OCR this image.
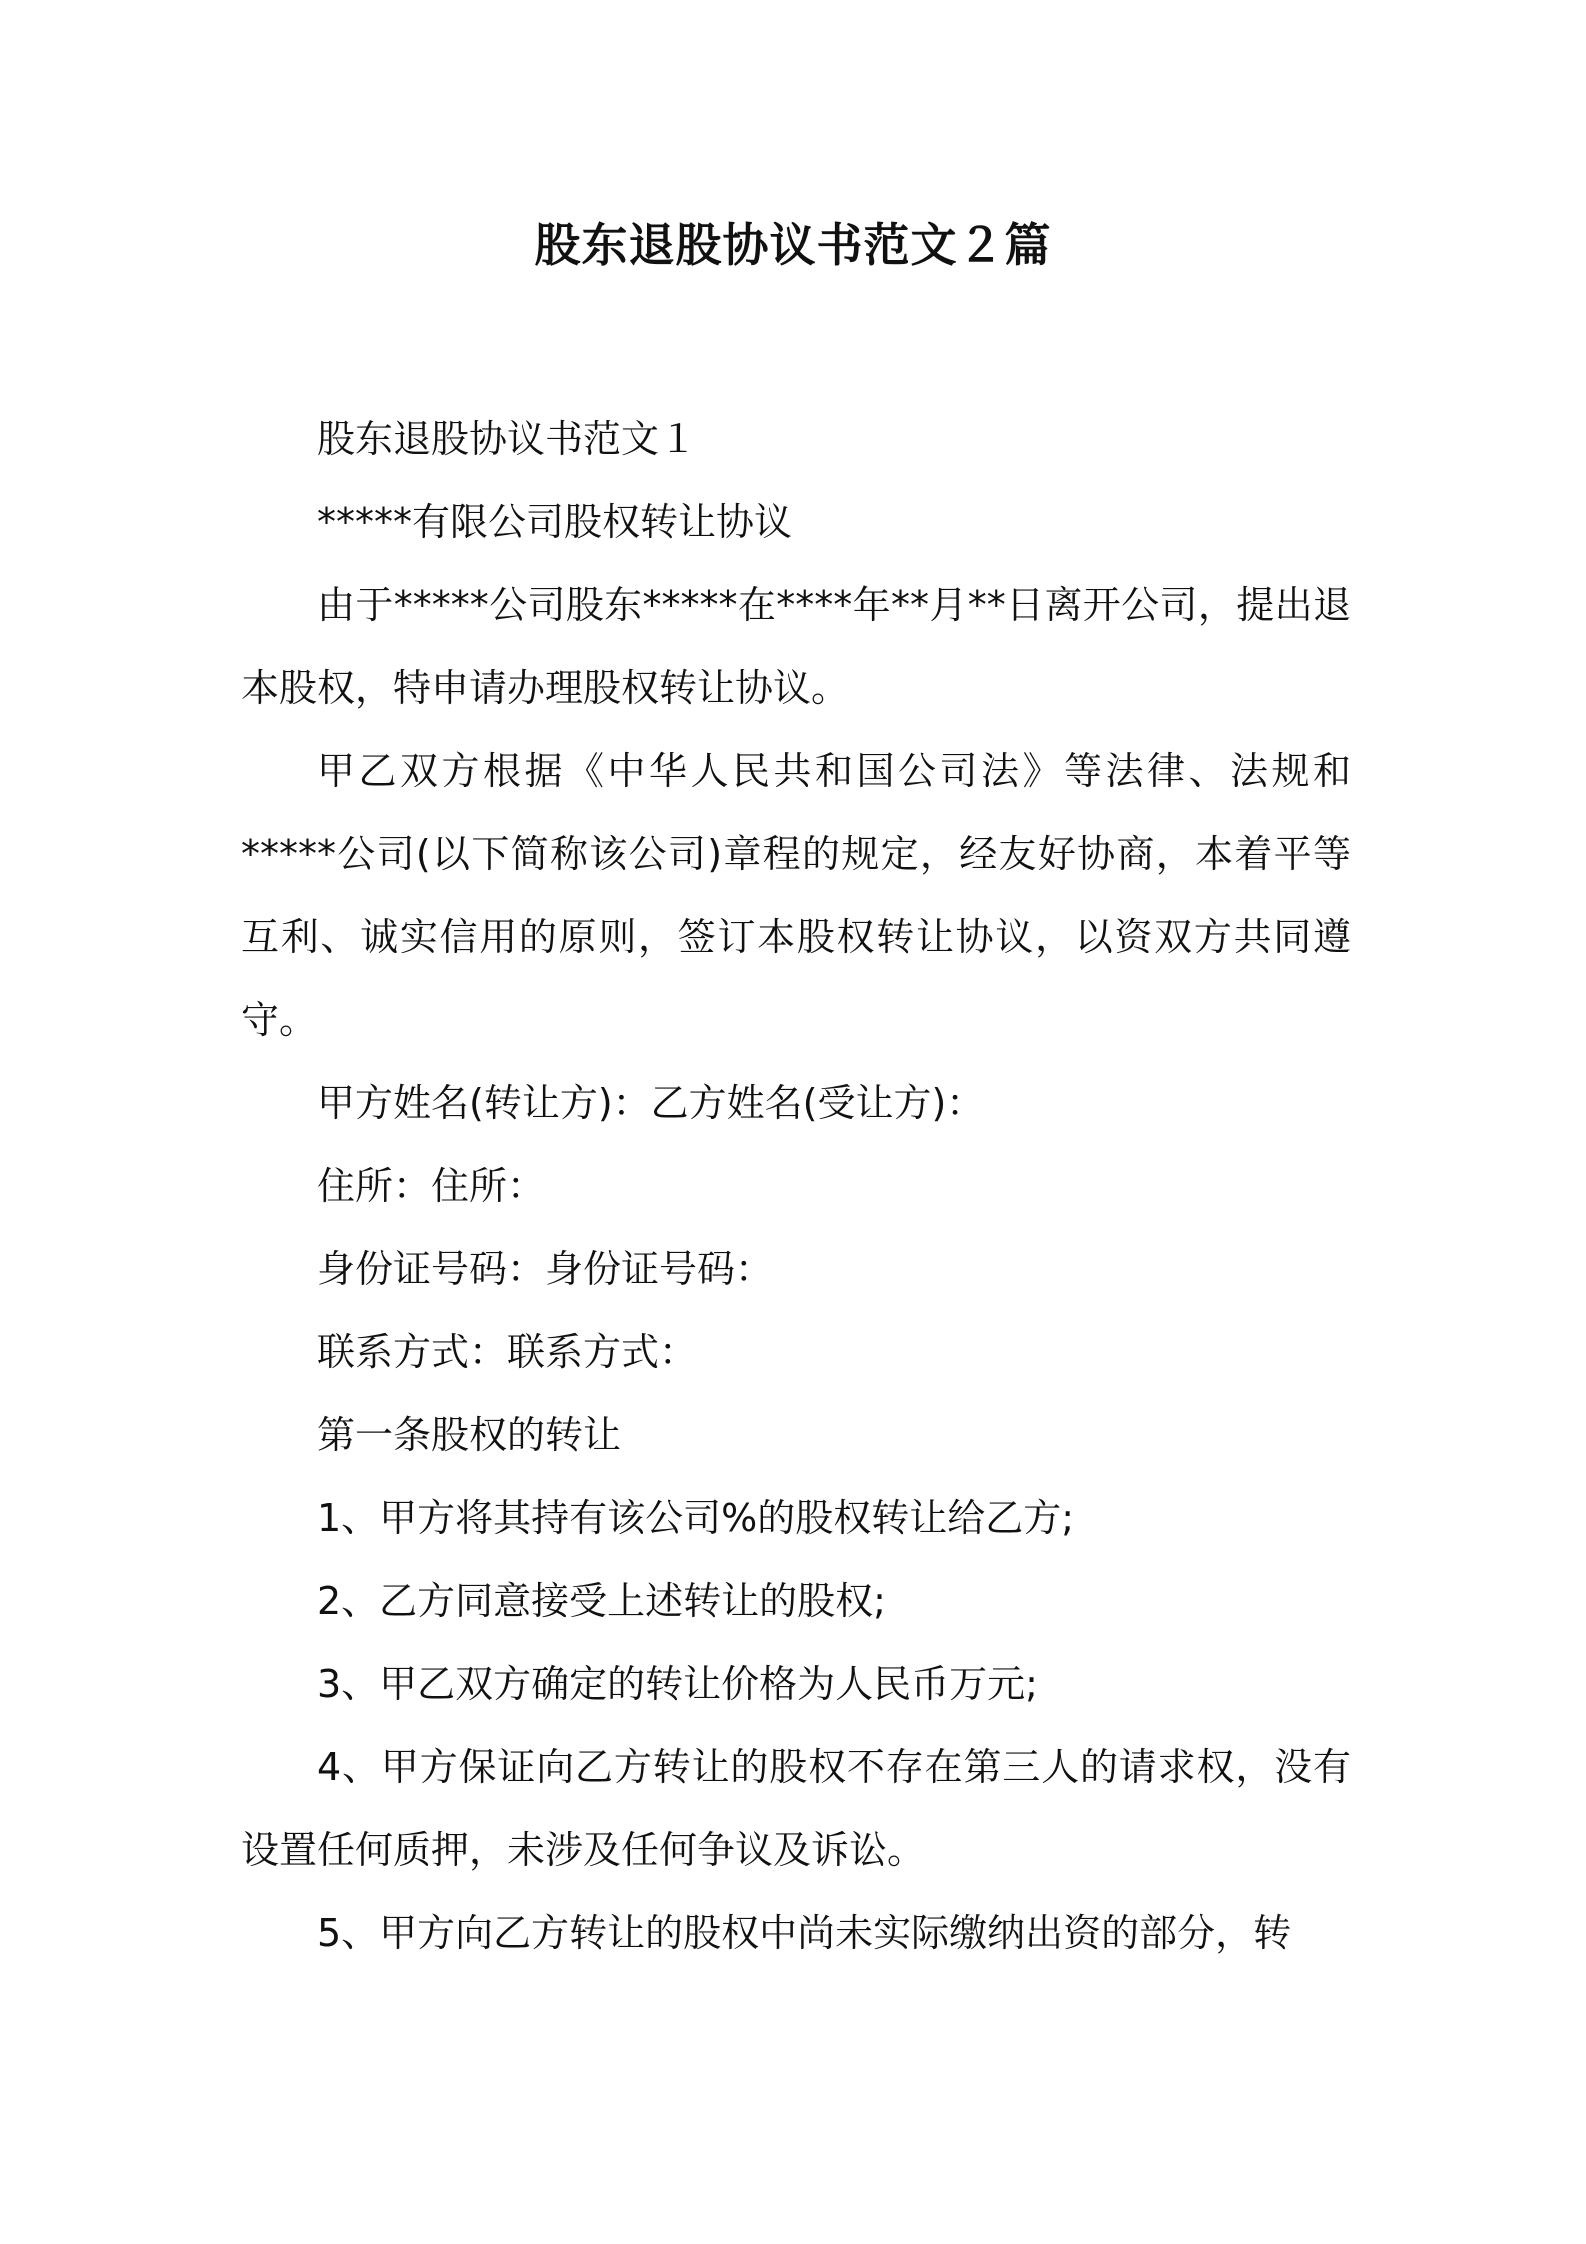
股东退股协议书范文２篇

股东退股协议书范文１

*****有限公司股权转让协议

由于*****公司股东*****在****年**月**日离开公司，提出退本股权，特申请办理股权转让协议。

甲乙双方根据《中华人民共和国公司法》等法律、法规和*****公司(以下简称该公司)章程的规定，经友好协商，本着平等互利、诚实信用的原则，签订本股权转让协议，以资双方共同遵守。

甲方姓名(转让方)：乙方姓名(受让方)：

住所：住所：

身份证号码：身份证号码：

联系方式：联系方式：

第一条股权的转让

1、甲方将其持有该公司%的股权转让给乙方;

2、乙方同意接受上述转让的股权;

3、甲乙双方确定的转让价格为人民币万元;

4、甲方保证向乙方转让的股权不存在第三人的请求权，没有设置任何质押，未涉及任何争议及诉讼。

5、甲方向乙方转让的股权中尚未实际缴纳出资的部分，转
